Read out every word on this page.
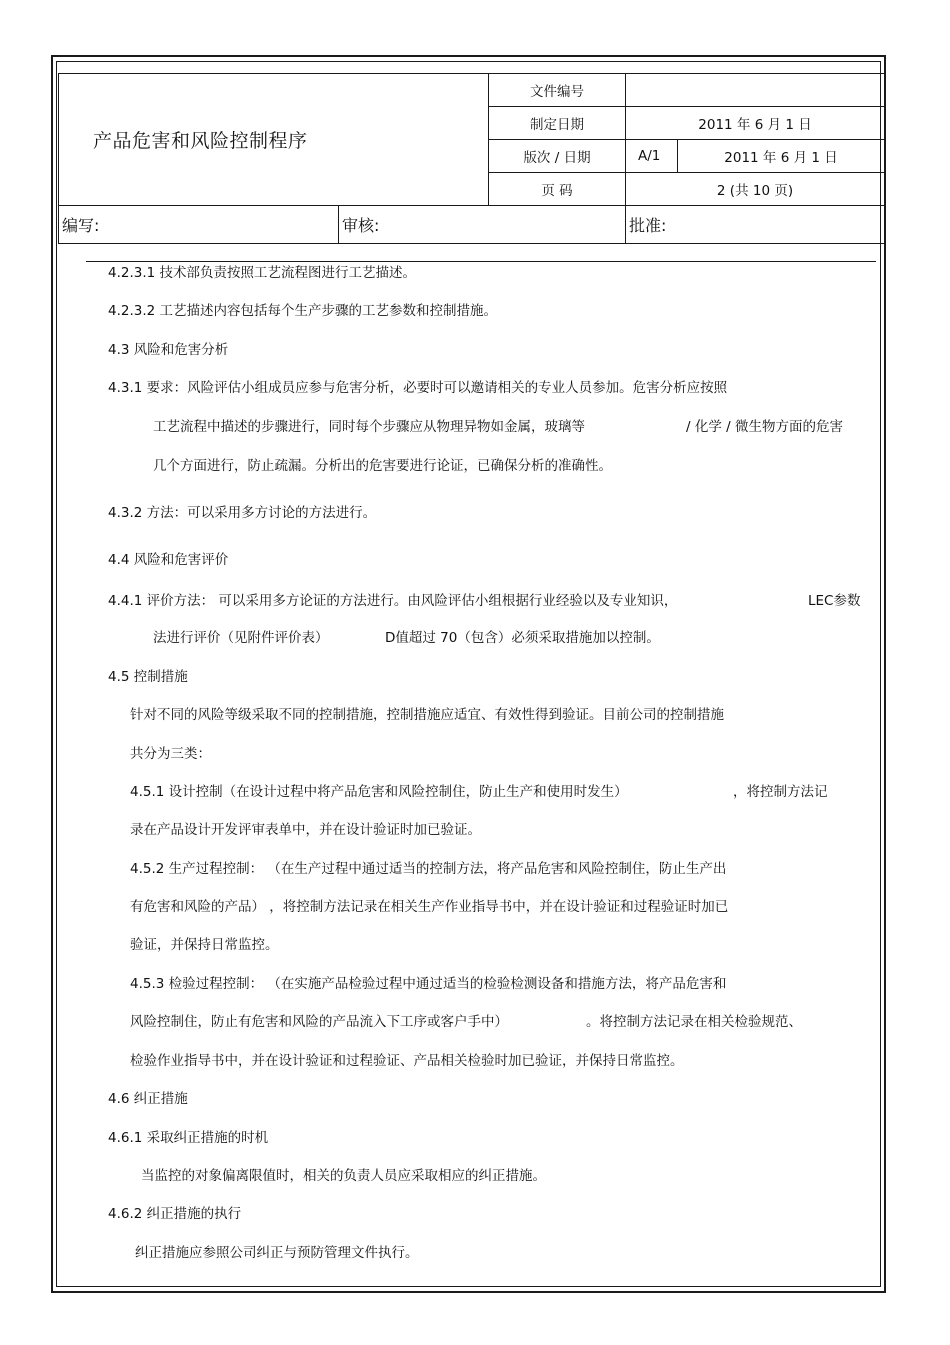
产品危害和风险控制程序		文件编号		
		制定日期	2011 年 6 月 1 日	
		版次 / 日期	A/1	2011 年 6 月 1 日
		页 码	2 (共 10 页)	
编写:	审核:		批准:	
4.2.3.1 技术部负责按照工艺流程图进行工艺描述。
4.2.3.2 工艺描述内容包括每个生产步骤的工艺参数和控制措施。
4.3 风险和危害分析
4.3.1 要求：风险评估小组成员应参与危害分析，必要时可以邀请相关的专业人员参加。危害分析应按照
工艺流程中描述的步骤进行，同时每个步骤应从物理异物如金属，玻璃等	/ 化学 / 微生物方面的危害
几个方面进行，防止疏漏。分析出的危害要进行论证，已确保分析的准确性。
4.3.2 方法：可以采用多方讨论的方法进行。
4.4 风险和危害评价
4.4.1 评价方法： 可以采用多方论证的方法进行。由风险评估小组根据行业经验以及专业知识，	LEC参数
法进行评价（见附件评价表）	D值超过 70（包含）必须采取措施加以控制。
4.5 控制措施
针对不同的风险等级采取不同的控制措施，控制措施应适宜、有效性得到验证。目前公司的控制措施
共分为三类：
4.5.1 设计控制（在设计过程中将产品危害和风险控制住，防止生产和使用时发生）	，将控制方法记
录在产品设计开发评审表单中，并在设计验证时加已验证。
4.5.2 生产过程控制： （在生产过程中通过适当的控制方法，将产品危害和风险控制住，防止生产出
有危害和风险的产品） ，将控制方法记录在相关生产作业指导书中，并在设计验证和过程验证时加已
验证，并保持日常监控。
4.5.3 检验过程控制： （在实施产品检验过程中通过适当的检验检测设备和措施方法，将产品危害和
风险控制住，防止有危害和风险的产品流入下工序或客户手中）	。将控制方法记录在相关检验规范、
检验作业指导书中，并在设计验证和过程验证、产品相关检验时加已验证，并保持日常监控。
4.6 纠正措施
4.6.1 采取纠正措施的时机
当监控的对象偏离限值时，相关的负责人员应采取相应的纠正措施。
4.6.2 纠正措施的执行
纠正措施应参照公司纠正与预防管理文件执行。
